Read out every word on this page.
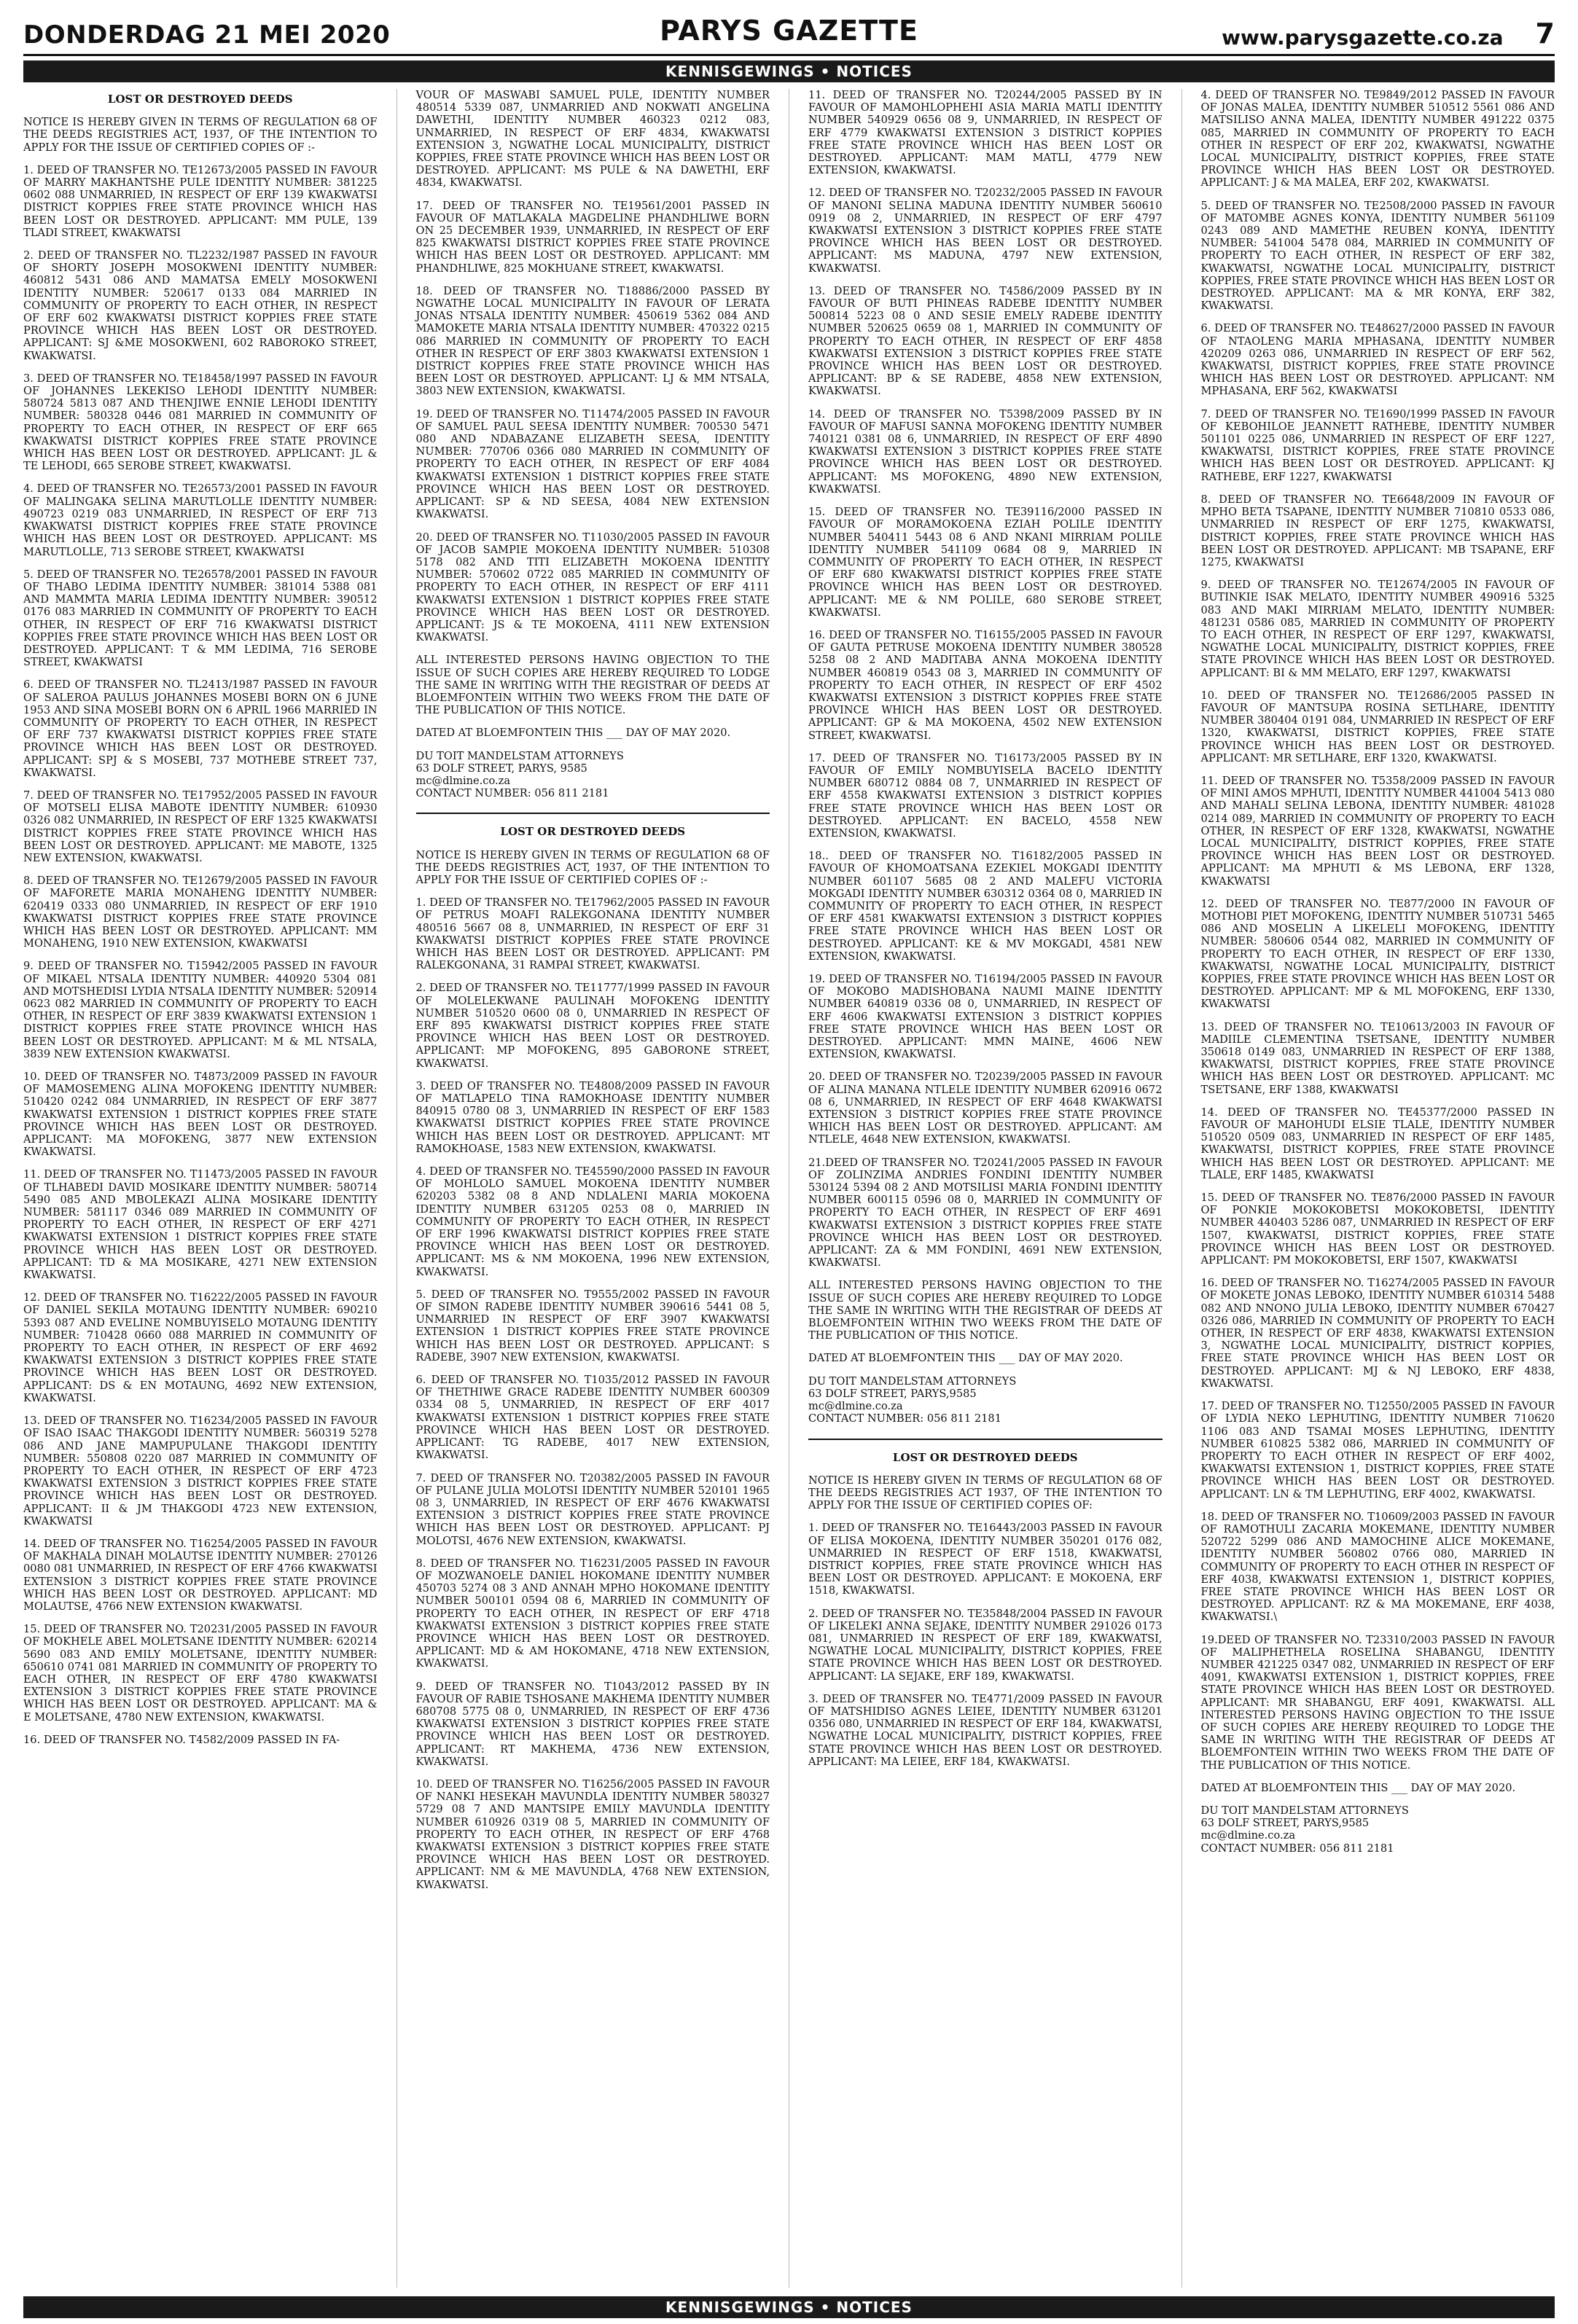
DONDERDAG 21 MEI 2020	PARYS GAZETTE	www.parysgazette.co.za 7
KENNISGEWINGS • NOTICES
LOST OR DESTROYED DEEDS

NOTICE IS HEREBY GIVEN IN TERMS OF REGULATION 68 OF THE DEEDS REGISTRIES ACT, 1937, OF THE INTENTION TO APPLY FOR THE ISSUE OF CERTIFIED COPIES OF :-

1. DEED OF TRANSFER NO. TE12673/2005 PASSED IN FAVOUR OF MARRY MAKHANTSHE PULE IDENTITY NUMBER: 381225 0602 088 UNMARRIED, IN RESPECT OF ERF 139 KWAKWATSI DISTRICT KOPPIES FREE STATE PROVINCE WHICH HAS BEEN LOST OR DESTROYED. APPLICANT: MM PULE, 139 TLADI STREET, KWAKWATSI

2. DEED OF TRANSFER NO. TL2232/1987 PASSED IN FAVOUR OF SHORTY JOSEPH MOSOKWENI IDENTITY NUMBER: 460812 5431 086 AND MAMATSA EMELY MOSOKWENI IDENTITY NUMBER: 520617 0133 084 MARRIED IN COMMUNITY OF PROPERTY TO EACH OTHER, IN RESPECT OF ERF 602 KWAKWATSI DISTRICT KOPPIES FREE STATE PROVINCE WHICH HAS BEEN LOST OR DESTROYED. APPLICANT: SJ &ME MOSOKWENI, 602 RABOROKO STREET, KWAKWATSI.

3. DEED OF TRANSFER NO. TE18458/1997 PASSED IN FAVOUR OF JOHANNES LEKEKISO LEHODI IDENTITY NUMBER: 580724 5813 087 AND THENJIWE ENNIE LEHODI IDENTITY NUMBER: 580328 0446 081 MARRIED IN COMMUNITY OF PROPERTY TO EACH OTHER, IN RESPECT OF ERF 665 KWAKWATSI DISTRICT KOPPIES FREE STATE PROVINCE WHICH HAS BEEN LOST OR DESTROYED. APPLICANT: JL & TE LEHODI, 665 SEROBE STREET, KWAKWATSI.

4. DEED OF TRANSFER NO. TE26573/2001 PASSED IN FAVOUR OF MALINGAKA SELINA MARUTLOLLE IDENTITY NUMBER: 490723 0219 083 UNMARRIED, IN RESPECT OF ERF 713 KWAKWATSI DISTRICT KOPPIES FREE STATE PROVINCE WHICH HAS BEEN LOST OR DESTROYED. APPLICANT: MS MARUTLOLLE, 713 SEROBE STREET, KWAKWATSI

5. DEED OF TRANSFER NO. TE26578/2001 PASSED IN FAVOUR OF THABO LEDIMA IDENTITY NUMBER: 381014 5388 081 AND MAMMTA MARIA LEDIMA IDENTITY NUMBER: 390512 0176 083 MARRIED IN COMMUNITY OF PROPERTY TO EACH OTHER, IN RESPECT OF ERF 716 KWAKWATSI DISTRICT KOPPIES FREE STATE PROVINCE WHICH HAS BEEN LOST OR DESTROYED. APPLICANT: T & MM LEDIMA, 716 SEROBE STREET, KWAKWATSI

6. DEED OF TRANSFER NO. TL2413/1987 PASSED IN FAVOUR OF SALEROA PAULUS JOHANNES MOSEBI BORN ON 6 JUNE 1953 AND SINA MOSEBI BORN ON 6 APRIL 1966 MARRIED IN COMMUNITY OF PROPERTY TO EACH OTHER, IN RESPECT OF ERF 737 KWAKWATSI DISTRICT KOPPIES FREE STATE PROVINCE WHICH HAS BEEN LOST OR DESTROYED. APPLICANT: SPJ & S MOSEBI, 737 MOTHEBE STREET 737, KWAKWATSI.

7. DEED OF TRANSFER NO. TE17952/2005 PASSED IN FAVOUR OF MOTSELI ELISA MABOTE IDENTITY NUMBER: 610930 0326 082 UNMARRIED, IN RESPECT OF ERF 1325 KWAKWATSI DISTRICT KOPPIES FREE STATE PROVINCE WHICH HAS BEEN LOST OR DESTROYED. APPLICANT: ME MABOTE, 1325 NEW EXTENSION, KWAKWATSI.

8. DEED OF TRANSFER NO. TE12679/2005 PASSED IN FAVOUR OF MAFORETE MARIA MONAHENG IDENTITY NUMBER: 620419 0333 080 UNMARRIED, IN RESPECT OF ERF 1910 KWAKWATSI DISTRICT KOPPIES FREE STATE PROVINCE WHICH HAS BEEN LOST OR DESTROYED. APPLICANT: MM MONAHENG, 1910 NEW EXTENSION, KWAKWATSI

9. DEED OF TRANSFER NO. T15942/2005 PASSED IN FAVOUR OF MIKAEL NTSALA IDENTITY NUMBER: 440920 5304 081 AND MOTSHEDISI LYDIA NTSALA IDENTITY NUMBER: 520914 0623 082 MARRIED IN COMMUNITY OF PROPERTY TO EACH OTHER, IN RESPECT OF ERF 3839 KWAKWATSI EXTENSION 1 DISTRICT KOPPIES FREE STATE PROVINCE WHICH HAS BEEN LOST OR DESTROYED. APPLICANT: M & ML NTSALA, 3839 NEW EXTENSION KWAKWATSI.

10. DEED OF TRANSFER NO. T4873/2009 PASSED IN FAVOUR OF MAMOSEMENG ALINA MOFOKENG IDENTITY NUMBER: 510420 0242 084 UNMARRIED, IN RESPECT OF ERF 3877 KWAKWATSI EXTENSION 1 DISTRICT KOPPIES FREE STATE PROVINCE WHICH HAS BEEN LOST OR DESTROYED. APPLICANT: MA MOFOKENG, 3877 NEW EXTENSION KWAKWATSI.

11. DEED OF TRANSFER NO. T11473/2005 PASSED IN FAVOUR OF TLHABEDI DAVID MOSIKARE IDENTITY NUMBER: 580714 5490 085 AND MBOLEKAZI ALINA MOSIKARE IDENTITY NUMBER: 581117 0346 089 MARRIED IN COMMUNITY OF PROPERTY TO EACH OTHER, IN RESPECT OF ERF 4271 KWAKWATSI EXTENSION 1 DISTRICT KOPPIES FREE STATE PROVINCE WHICH HAS BEEN LOST OR DESTROYED. APPLICANT: TD & MA MOSIKARE, 4271 NEW EXTENSION KWAKWATSI.

12. DEED OF TRANSFER NO. T16222/2005 PASSED IN FAVOUR OF DANIEL SEKILA MOTAUNG IDENTITY NUMBER: 690210 5393 087 AND EVELINE NOMBUYISELO MOTAUNG IDENTITY NUMBER: 710428 0660 088 MARRIED IN COMMUNITY OF PROPERTY TO EACH OTHER, IN RESPECT OF ERF 4692 KWAKWATSI EXTENSION 3 DISTRICT KOPPIES FREE STATE PROVINCE WHICH HAS BEEN LOST OR DESTROYED. APPLICANT: DS & EN MOTAUNG, 4692 NEW EXTENSION, KWAKWATSI.

13. DEED OF TRANSFER NO. T16234/2005 PASSED IN FAVOUR OF ISAO ISAAC THAKGODI IDENTITY NUMBER: 560319 5278 086 AND JANE MAMPUPULANE THAKGODI IDENTITY NUMBER: 550808 0220 087 MARRIED IN COMMUNITY OF PROPERTY TO EACH OTHER, IN RESPECT OF ERF 4723 KWAKWATSI EXTENSION 3 DISTRICT KOPPIES FREE STATE PROVINCE WHICH HAS BEEN LOST OR DESTROYED. APPLICANT: II & JM THAKGODI 4723 NEW EXTENSION, KWAKWATSI

14. DEED OF TRANSFER NO. T16254/2005 PASSED IN FAVOUR OF MAKHALA DINAH MOLAUTSE IDENTITY NUMBER: 270126 0080 081 UNMARRIED, IN RESPECT OF ERF 4766 KWAKWATSI EXTENSION 3 DISTRICT KOPPIES FREE STATE PROVINCE WHICH HAS BEEN LOST OR DESTROYED. APPLICANT: MD MOLAUTSE, 4766 NEW EXTENSION KWAKWATSI.

15. DEED OF TRANSFER NO. T20231/2005 PASSED IN FAVOUR OF MOKHELE ABEL MOLETSANE IDENTITY NUMBER: 620214 5690 083 AND EMILY MOLETSANE, IDENTITY NUMBER: 650610 0741 081 MARRIED IN COMMUNITY OF PROPERTY TO EACH OTHER, IN RESPECT OF ERF 4780 KWAKWATSI EXTENSION 3 DISTRICT KOPPIES FREE STATE PROVINCE WHICH HAS BEEN LOST OR DESTROYED. APPLICANT: MA & E MOLETSANE, 4780 NEW EXTENSION, KWAKWATSI.

16. DEED OF TRANSFER NO. T4582/2009 PASSED IN FA-

VOUR OF MASWABI SAMUEL PULE, IDENTITY NUMBER 480514 5339 087, UNMARRIED AND NOKWATI ANGELINA DAWETHI, IDENTITY NUMBER 460323 0212 083, UNMARRIED, IN RESPECT OF ERF 4834, KWAKWATSI EXTENSION 3, NGWATHE LOCAL MUNICIPALITY, DISTRICT KOPPIES, FREE STATE PROVINCE WHICH HAS BEEN LOST OR DESTROYED. APPLICANT: MS PULE & NA DAWETHI, ERF 4834, KWAKWATSI.

17. DEED OF TRANSFER NO. TE19561/2001 PASSED IN FAVOUR OF MATLAKALA MAGDELINE PHANDHLIWE BORN ON 25 DECEMBER 1939, UNMARRIED, IN RESPECT OF ERF 825 KWAKWATSI DISTRICT KOPPIES FREE STATE PROVINCE WHICH HAS BEEN LOST OR DESTROYED. APPLICANT: MM PHANDHLIWE, 825 MOKHUANE STREET, KWAKWATSI.

18. DEED OF TRANSFER NO. T18886/2000 PASSED BY NGWATHE LOCAL MUNICIPALITY IN FAVOUR OF LERATA JONAS NTSALA IDENTITY NUMBER: 450619 5362 084 AND MAMOKETE MARIA NTSALA IDENTITY NUMBER: 470322 0215 086 MARRIED IN COMMUNITY OF PROPERTY TO EACH OTHER IN RESPECT OF ERF 3803 KWAKWATSI EXTENSION 1 DISTRICT KOPPIES FREE STATE PROVINCE WHICH HAS BEEN LOST OR DESTROYED. APPLICANT: LJ & MM NTSALA, 3803 NEW EXTENSION, KWAKWATSI.

19. DEED OF TRANSFER NO. T11474/2005 PASSED IN FAVOUR OF SAMUEL PAUL SEESA IDENTITY NUMBER: 700530 5471 080 AND NDABAZANE ELIZABETH SEESA, IDENTITY NUMBER: 770706 0366 080 MARRIED IN COMMUNITY OF PROPERTY TO EACH OTHER, IN RESPECT OF ERF 4084 KWAKWATSI EXTENSION 1 DISTRICT KOPPIES FREE STATE PROVINCE WHICH HAS BEEN LOST OR DESTROYED. APPLICANT: SP & ND SEESA, 4084 NEW EXTENSION KWAKWATSI.

20. DEED OF TRANSFER NO. T11030/2005 PASSED IN FAVOUR OF JACOB SAMPIE MOKOENA IDENTITY NUMBER: 510308 5178 082 AND TITI ELIZABETH MOKOENA IDENTITY NUMBER: 570602 0722 085 MARRIED IN COMMUNITY OF PROPERTY TO EACH OTHER, IN RESPECT OF ERF 4111 KWAKWATSI EXTENSION 1 DISTRICT KOPPIES FREE STATE PROVINCE WHICH HAS BEEN LOST OR DESTROYED. APPLICANT: JS & TE MOKOENA, 4111 NEW EXTENSION KWAKWATSI.

ALL INTERESTED PERSONS HAVING OBJECTION TO THE ISSUE OF SUCH COPIES ARE HEREBY REQUIRED TO LODGE THE SAME IN WRITING WITH THE REGISTRAR OF DEEDS AT BLOEMFONTEIN WITHIN TWO WEEKS FROM THE DATE OF THE PUBLICATION OF THIS NOTICE.

DATED AT BLOEMFONTEIN THIS ___ DAY OF MAY 2020.

DU TOIT MANDELSTAM ATTORNEYS
63 DOLF STREET, PARYS, 9585
mc@dlmine.co.za
CONTACT NUMBER: 056 811 2181
LOST OR DESTROYED DEEDS

NOTICE IS HEREBY GIVEN IN TERMS OF REGULATION 68 OF THE DEEDS REGISTRIES ACT, 1937, OF THE INTENTION TO APPLY FOR THE ISSUE OF CERTIFIED COPIES OF :-

1. DEED OF TRANSFER NO. TE17962/2005 PASSED IN FAVOUR OF PETRUS MOAFI RALEKGONANA IDENTITY NUMBER 480516 5667 08 8, UNMARRIED, IN RESPECT OF ERF 31 KWAKWATSI DISTRICT KOPPIES FREE STATE PROVINCE WHICH HAS BEEN LOST OR DESTROYED. APPLICANT: PM RALEKGONANA, 31 RAMPAI STREET, KWAKWATSI.

2. DEED OF TRANSFER NO. TE11777/1999 PASSED IN FAVOUR OF MOLELEKWANE PAULINAH MOFOKENG IDENTITY NUMBER 510520 0600 08 0, UNMARRIED IN RESPECT OF ERF 895 KWAKWATSI DISTRICT KOPPIES FREE STATE PROVINCE WHICH HAS BEEN LOST OR DESTROYED. APPLICANT: MP MOFOKENG, 895 GABORONE STREET, KWAKWATSI.

3. DEED OF TRANSFER NO. TE4808/2009 PASSED IN FAVOUR OF MATLAPELO TINA RAMOKHOASE IDENTITY NUMBER 840915 0780 08 3, UNMARRIED IN RESPECT OF ERF 1583 KWAKWATSI DISTRICT KOPPIES FREE STATE PROVINCE WHICH HAS BEEN LOST OR DESTROYED. APPLICANT: MT RAMOKHOASE, 1583 NEW EXTENSION, KWAKWATSI.

4. DEED OF TRANSFER NO. TE45590/2000 PASSED IN FAVOUR OF MOHLOLO SAMUEL MOKOENA IDENTITY NUMBER 620203 5382 08 8 AND NDLALENI MARIA MOKOENA IDENTITY NUMBER 631205 0253 08 0, MARRIED IN COMMUNITY OF PROPERTY TO EACH OTHER, IN RESPECT OF ERF 1996 KWAKWATSI DISTRICT KOPPIES FREE STATE PROVINCE WHICH HAS BEEN LOST OR DESTROYED. APPLICANT: MS & NM MOKOENA, 1996 NEW EXTENSION, KWAKWATSI.

5. DEED OF TRANSFER NO. T9555/2002 PASSED IN FAVOUR OF SIMON RADEBE IDENTITY NUMBER 390616 5441 08 5, UNMARRIED IN RESPECT OF ERF 3907 KWAKWATSI EXTENSION 1 DISTRICT KOPPIES FREE STATE PROVINCE WHICH HAS BEEN LOST OR DESTROYED. APPLICANT: S RADEBE, 3907 NEW EXTENSION, KWAKWATSI.

6. DEED OF TRANSFER NO. T1035/2012 PASSED IN FAVOUR OF THETHIWE GRACE RADEBE IDENTITY NUMBER 600309 0334 08 5, UNMARRIED, IN RESPECT OF ERF 4017 KWAKWATSI EXTENSION 1 DISTRICT KOPPIES FREE STATE PROVINCE WHICH HAS BEEN LOST OR DESTROYED. APPLICANT: TG RADEBE, 4017 NEW EXTENSION, KWAKWATSI.

7. DEED OF TRANSFER NO. T20382/2005 PASSED IN FAVOUR OF PULANE JULIA MOLOTSI IDENTITY NUMBER 520101 1965 08 3, UNMARRIED, IN RESPECT OF ERF 4676 KWAKWATSI EXTENSION 3 DISTRICT KOPPIES FREE STATE PROVINCE WHICH HAS BEEN LOST OR DESTROYED. APPLICANT: PJ MOLOTSI, 4676 NEW EXTENSION, KWAKWATSI.

8. DEED OF TRANSFER NO. T16231/2005 PASSED IN FAVOUR OF MOZWANOELE DANIEL HOKOMANE IDENTITY NUMBER 450703 5274 08 3 AND ANNAH MPHO HOKOMANE IDENTITY NUMBER 500101 0594 08 6, MARRIED IN COMMUNITY OF PROPERTY TO EACH OTHER, IN RESPECT OF ERF 4718 KWAKWATSI EXTENSION 3 DISTRICT KOPPIES FREE STATE PROVINCE WHICH HAS BEEN LOST OR DESTROYED. APPLICANT: MD & AM HOKOMANE, 4718 NEW EXTENSION, KWAKWATSI.

9. DEED OF TRANSFER NO. T1043/2012 PASSED BY IN FAVOUR OF RABIE TSHOSANE MAKHEMA IDENTITY NUMBER 680708 5775 08 0, UNMARRIED, IN RESPECT OF ERF 4736 KWAKWATSI EXTENSION 3 DISTRICT KOPPIES FREE STATE PROVINCE WHICH HAS BEEN LOST OR DESTROYED. APPLICANT: RT MAKHEMA, 4736 NEW EXTENSION, KWAKWATSI.

10. DEED OF TRANSFER NO. T16256/2005 PASSED IN FAVOUR OF NANKI HESEKAH MAVUNDLA IDENTITY NUMBER 580327 5729 08 7 AND MANTSIPE EMILY MAVUNDLA IDENTITY NUMBER 610926 0319 08 5, MARRIED IN COMMUNITY OF PROPERTY TO EACH OTHER, IN RESPECT OF ERF 4768 KWAKWATSI EXTENSION 3 DISTRICT KOPPIES FREE STATE PROVINCE WHICH HAS BEEN LOST OR DESTROYED. APPLICANT: NM & ME MAVUNDLA, 4768 NEW EXTENSION, KWAKWATSI.

11. DEED OF TRANSFER NO. T20244/2005 PASSED BY IN FAVOUR OF MAMOHLOPHEHI ASIA MARIA MATLI IDENTITY NUMBER 540929 0656 08 9, UNMARRIED, IN RESPECT OF ERF 4779 KWAKWATSI EXTENSION 3 DISTRICT KOPPIES FREE STATE PROVINCE WHICH HAS BEEN LOST OR DESTROYED. APPLICANT: MAM MATLI, 4779 NEW EXTENSION, KWAKWATSI.

12. DEED OF TRANSFER NO. T20232/2005 PASSED IN FAVOUR OF MANONI SELINA MADUNA IDENTITY NUMBER 560610 0919 08 2, UNMARRIED, IN RESPECT OF ERF 4797 KWAKWATSI EXTENSION 3 DISTRICT KOPPIES FREE STATE PROVINCE WHICH HAS BEEN LOST OR DESTROYED. APPLICANT: MS MADUNA, 4797 NEW EXTENSION, KWAKWATSI.

13. DEED OF TRANSFER NO. T4586/2009 PASSED BY IN FAVOUR OF BUTI PHINEAS RADEBE IDENTITY NUMBER 500814 5223 08 0 AND SESIE EMELY RADEBE IDENTITY NUMBER 520625 0659 08 1, MARRIED IN COMMUNITY OF PROPERTY TO EACH OTHER, IN RESPECT OF ERF 4858 KWAKWATSI EXTENSION 3 DISTRICT KOPPIES FREE STATE PROVINCE WHICH HAS BEEN LOST OR DESTROYED. APPLICANT: BP & SE RADEBE, 4858 NEW EXTENSION, KWAKWATSI.

14. DEED OF TRANSFER NO. T5398/2009 PASSED BY IN FAVOUR OF MAFUSI SANNA MOFOKENG IDENTITY NUMBER 740121 0381 08 6, UNMARRIED, IN RESPECT OF ERF 4890 KWAKWATSI EXTENSION 3 DISTRICT KOPPIES FREE STATE PROVINCE WHICH HAS BEEN LOST OR DESTROYED. APPLICANT: MS MOFOKENG, 4890 NEW EXTENSION, KWAKWATSI.

15. DEED OF TRANSFER NO. TE39116/2000 PASSED IN FAVOUR OF MORAMOKOENA EZIAH POLILE IDENTITY NUMBER 540411 5443 08 6 AND NKANI MIRRIAM POLILE IDENTITY NUMBER 541109 0684 08 9, MARRIED IN COMMUNITY OF PROPERTY TO EACH OTHER, IN RESPECT OF ERF 680 KWAKWATSI DISTRICT KOPPIES FREE STATE PROVINCE WHICH HAS BEEN LOST OR DESTROYED. APPLICANT: ME & NM POLILE, 680 SEROBE STREET, KWAKWATSI.

16. DEED OF TRANSFER NO. T16155/2005 PASSED IN FAVOUR OF GAUTA PETRUSE MOKOENA IDENTITY NUMBER 380528 5258 08 2 AND MADITABA ANNA MOKOENA IDENTITY NUMBER 460819 0543 08 3, MARRIED IN COMMUNITY OF PROPERTY TO EACH OTHER, IN RESPECT OF ERF 4502 KWAKWATSI EXTENSION 3 DISTRICT KOPPIES FREE STATE PROVINCE WHICH HAS BEEN LOST OR DESTROYED. APPLICANT: GP & MA MOKOENA, 4502 NEW EXTENSION STREET, KWAKWATSI.

17. DEED OF TRANSFER NO. T16173/2005 PASSED BY IN FAVOUR OF EMILY NOMBUYISELA BACELO IDENTITY NUMBER 680712 0884 08 7, UNMARRIED IN RESPECT OF ERF 4558 KWAKWATSI EXTENSION 3 DISTRICT KOPPIES FREE STATE PROVINCE WHICH HAS BEEN LOST OR DESTROYED. APPLICANT: EN BACELO, 4558 NEW EXTENSION, KWAKWATSI.

18.. DEED OF TRANSFER NO. T16182/2005 PASSED IN FAVOUR OF KHOMOATSANA EZEKIEL MOKGADI IDENTITY NUMBER 601107 5685 08 2 AND MALEFU VICTORIA MOKGADI IDENTITY NUMBER 630312 0364 08 0, MARRIED IN COMMUNITY OF PROPERTY TO EACH OTHER, IN RESPECT OF ERF 4581 KWAKWATSI EXTENSION 3 DISTRICT KOPPIES FREE STATE PROVINCE WHICH HAS BEEN LOST OR DESTROYED. APPLICANT: KE & MV MOKGADI, 4581 NEW EXTENSION, KWAKWATSI.

19. DEED OF TRANSFER NO. T16194/2005 PASSED IN FAVOUR OF MOKOBO MADISHOBANA NAUMI MAINE IDENTITY NUMBER 640819 0336 08 0, UNMARRIED, IN RESPECT OF ERF 4606 KWAKWATSI EXTENSION 3 DISTRICT KOPPIES FREE STATE PROVINCE WHICH HAS BEEN LOST OR DESTROYED. APPLICANT: MMN MAINE, 4606 NEW EXTENSION, KWAKWATSI.

20. DEED OF TRANSFER NO. T20239/2005 PASSED IN FAVOUR OF ALINA MANANA NTLELE IDENTITY NUMBER 620916 0672 08 6, UNMARRIED, IN RESPECT OF ERF 4648 KWAKWATSI EXTENSION 3 DISTRICT KOPPIES FREE STATE PROVINCE WHICH HAS BEEN LOST OR DESTROYED. APPLICANT: AM NTLELE, 4648 NEW EXTENSION, KWAKWATSI.

21.DEED OF TRANSFER NO. T20241/2005 PASSED IN FAVOUR OF ZOLINZIMA ANDRIES FONDINI IDENTITY NUMBER 530124 5394 08 2 AND MOTSILISI MARIA FONDINI IDENTITY NUMBER 600115 0596 08 0, MARRIED IN COMMUNITY OF PROPERTY TO EACH OTHER, IN RESPECT OF ERF 4691 KWAKWATSI EXTENSION 3 DISTRICT KOPPIES FREE STATE PROVINCE WHICH HAS BEEN LOST OR DESTROYED. APPLICANT: ZA & MM FONDINI, 4691 NEW EXTENSION, KWAKWATSI.

ALL INTERESTED PERSONS HAVING OBJECTION TO THE ISSUE OF SUCH COPIES ARE HEREBY REQUIRED TO LODGE THE SAME IN WRITING WITH THE REGISTRAR OF DEEDS AT BLOEMFONTEIN WITHIN TWO WEEKS FROM THE DATE OF THE PUBLICATION OF THIS NOTICE.

DATED AT BLOEMFONTEIN THIS ___ DAY OF MAY 2020.

DU TOIT MANDELSTAM ATTORNEYS
63 DOLF STREET, PARYS,9585
mc@dlmine.co.za
CONTACT NUMBER: 056 811 2181
LOST OR DESTROYED DEEDS

NOTICE IS HEREBY GIVEN IN TERMS OF REGULATION 68 OF THE DEEDS REGISTRIES ACT 1937, OF THE INTENTION TO APPLY FOR THE ISSUE OF CERTIFIED COPIES OF:

1. DEED OF TRANSFER NO. TE16443/2003 PASSED IN FAVOUR OF ELISA MOKOENA, IDENTITY NUMBER 350201 0176 082, UNMARRIED IN RESPECT OF ERF 1518, KWAKWATSI, DISTRICT KOPPIES, FREE STATE PROVINCE WHICH HAS BEEN LOST OR DESTROYED. APPLICANT: E MOKOENA, ERF 1518, KWAKWATSI.

2. DEED OF TRANSFER NO. TE35848/2004 PASSED IN FAVOUR OF LIKELEKI ANNA SEJAKE, IDENTITY NUMBER 291026 0173 081, UNMARRIED IN RESPECT OF ERF 189, KWAKWATSI, NGWATHE LOCAL MUNICIPALITY, DISTRICT KOPPIES, FREE STATE PROVINCE WHICH HAS BEEN LOST OR DESTROYED. APPLICANT: LA SEJAKE, ERF 189, KWAKWATSI.

3. DEED OF TRANSFER NO. TE4771/2009 PASSED IN FAVOUR OF MATSHIDISO AGNES LEIEE, IDENTITY NUMBER 631201 0356 080, UNMARRIED IN RESPECT OF ERF 184, KWAKWATSI, NGWATHE LOCAL MUNICIPALITY, DISTRICT KOPPIES, FREE STATE PROVINCE WHICH HAS BEEN LOST OR DESTROYED. APPLICANT: MA LEIEE, ERF 184, KWAKWATSI.

4. DEED OF TRANSFER NO. TE9849/2012 PASSED IN FAVOUR OF JONAS MALEA, IDENTITY NUMBER 510512 5561 086 AND MATSILISO ANNA MALEA, IDENTITY NUMBER 491222 0375 085, MARRIED IN COMMUNITY OF PROPERTY TO EACH OTHER IN RESPECT OF ERF 202, KWAKWATSI, NGWATHE LOCAL MUNICIPALITY, DISTRICT KOPPIES, FREE STATE PROVINCE WHICH HAS BEEN LOST OR DESTROYED. APPLICANT: J & MA MALEA, ERF 202, KWAKWATSI.

5. DEED OF TRANSFER NO. TE2508/2000 PASSED IN FAVOUR OF MATOMBE AGNES KONYA, IDENTITY NUMBER 561109 0243 089 AND MAMETHE REUBEN KONYA, IDENTITY NUMBER: 541004 5478 084, MARRIED IN COMMUNITY OF PROPERTY TO EACH OTHER, IN RESPECT OF ERF 382, KWAKWATSI, NGWATHE LOCAL MUNICIPALITY, DISTRICT KOPPIES, FREE STATE PROVINCE WHICH HAS BEEN LOST OR DESTROYED. APPLICANT: MA & MR KONYA, ERF 382, KWAKWATSI.

6. DEED OF TRANSFER NO. TE48627/2000 PASSED IN FAVOUR OF NTAOLENG MARIA MPHASANA, IDENTITY NUMBER 420209 0263 086, UNMARRIED IN RESPECT OF ERF 562, KWAKWATSI, DISTRICT KOPPIES, FREE STATE PROVINCE WHICH HAS BEEN LOST OR DESTROYED. APPLICANT: NM MPHASANA, ERF 562, KWAKWATSI

7. DEED OF TRANSFER NO. TE1690/1999 PASSED IN FAVOUR OF KEBOHILOE JEANNETT RATHEBE, IDENTITY NUMBER 501101 0225 086, UNMARRIED IN RESPECT OF ERF 1227, KWAKWATSI, DISTRICT KOPPIES, FREE STATE PROVINCE WHICH HAS BEEN LOST OR DESTROYED. APPLICANT: KJ RATHEBE, ERF 1227, KWAKWATSI

8. DEED OF TRANSFER NO. TE6648/2009 IN FAVOUR OF MPHO BETA TSAPANE, IDENTITY NUMBER 710810 0533 086, UNMARRIED IN RESPECT OF ERF 1275, KWAKWATSI, DISTRICT KOPPIES, FREE STATE PROVINCE WHICH HAS BEEN LOST OR DESTROYED. APPLICANT: MB TSAPANE, ERF 1275, KWAKWATSI

9. DEED OF TRANSFER NO. TE12674/2005 IN FAVOUR OF BUTINKIE ISAK MELATO, IDENTITY NUMBER 490916 5325 083 AND MAKI MIRRIAM MELATO, IDENTITY NUMBER: 481231 0586 085, MARRIED IN COMMUNITY OF PROPERTY TO EACH OTHER, IN RESPECT OF ERF 1297, KWAKWATSI, NGWATHE LOCAL MUNICIPALITY, DISTRICT KOPPIES, FREE STATE PROVINCE WHICH HAS BEEN LOST OR DESTROYED. APPLICANT: BI & MM MELATO, ERF 1297, KWAKWATSI

10. DEED OF TRANSFER NO. TE12686/2005 PASSED IN FAVOUR OF MANTSUPA ROSINA SETLHARE, IDENTITY NUMBER 380404 0191 084, UNMARRIED IN RESPECT OF ERF 1320, KWAKWATSI, DISTRICT KOPPIES, FREE STATE PROVINCE WHICH HAS BEEN LOST OR DESTROYED. APPLICANT: MR SETLHARE, ERF 1320, KWAKWATSI.

11. DEED OF TRANSFER NO. T5358/2009 PASSED IN FAVOUR OF MINI AMOS MPHUTI, IDENTITY NUMBER 441004 5413 080 AND MAHALI SELINA LEBONA, IDENTITY NUMBER: 481028 0214 089, MARRIED IN COMMUNITY OF PROPERTY TO EACH OTHER, IN RESPECT OF ERF 1328, KWAKWATSI, NGWATHE LOCAL MUNICIPALITY, DISTRICT KOPPIES, FREE STATE PROVINCE WHICH HAS BEEN LOST OR DESTROYED. APPLICANT: MA MPHUTI & MS LEBONA, ERF 1328, KWAKWATSI

12. DEED OF TRANSFER NO. TE877/2000 IN FAVOUR OF MOTHOBI PIET MOFOKENG, IDENTITY NUMBER 510731 5465 086 AND MOSELIN A LIKELELI MOFOKENG, IDENTITY NUMBER: 580606 0544 082, MARRIED IN COMMUNITY OF PROPERTY TO EACH OTHER, IN RESPECT OF ERF 1330, KWAKWATSI, NGWATHE LOCAL MUNICIPALITY, DISTRICT KOPPIES, FREE STATE PROVINCE WHICH HAS BEEN LOST OR DESTROYED. APPLICANT: MP & ML MOFOKENG, ERF 1330, KWAKWATSI

13. DEED OF TRANSFER NO. TE10613/2003 IN FAVOUR OF MADIILE CLEMENTINA TSETSANE, IDENTITY NUMBER 350618 0149 083, UNMARRIED IN RESPECT OF ERF 1388, KWAKWATSI, DISTRICT KOPPIES, FREE STATE PROVINCE WHICH HAS BEEN LOST OR DESTROYED. APPLICANT: MC TSETSANE, ERF 1388, KWAKWATSI

14. DEED OF TRANSFER NO. TE45377/2000 PASSED IN FAVOUR OF MAHOHUDI ELSIE TLALE, IDENTITY NUMBER 510520 0509 083, UNMARRIED IN RESPECT OF ERF 1485, KWAKWATSI, DISTRICT KOPPIES, FREE STATE PROVINCE WHICH HAS BEEN LOST OR DESTROYED. APPLICANT: ME TLALE, ERF 1485, KWAKWATSI

15. DEED OF TRANSFER NO. TE876/2000 PASSED IN FAVOUR OF PONKIE MOKOKOBETSI MOKOKOBETSI, IDENTITY NUMBER 440403 5286 087, UNMARRIED IN RESPECT OF ERF 1507, KWAKWATSI, DISTRICT KOPPIES, FREE STATE PROVINCE WHICH HAS BEEN LOST OR DESTROYED. APPLICANT: PM MOKOKOBETSI, ERF 1507, KWAKWATSI

16. DEED OF TRANSFER NO. T16274/2005 PASSED IN FAVOUR OF MOKETE JONAS LEBOKO, IDENTITY NUMBER 610314 5488 082 AND NNONO JULIA LEBOKO, IDENTITY NUMBER 670427 0326 086, MARRIED IN COMMUNITY OF PROPERTY TO EACH OTHER, IN RESPECT OF ERF 4838, KWAKWATSI EXTENSION 3, NGWATHE LOCAL MUNICIPALITY, DISTRICT KOPPIES, FREE STATE PROVINCE WHICH HAS BEEN LOST OR DESTROYED. APPLICANT: MJ & NJ LEBOKO, ERF 4838, KWAKWATSI.

17. DEED OF TRANSFER NO. T12550/2005 PASSED IN FAVOUR OF LYDIA NEKO LEPHUTING, IDENTITY NUMBER 710620 1106 083 AND TSAMAI MOSES LEPHUTING, IDENTITY NUMBER 610825 5382 086, MARRIED IN COMMUNITY OF PROPERTY TO EACH OTHER IN RESPECT OF ERF 4002, KWAKWATSI EXTENSION 1, DISTRICT KOPPIES, FREE STATE PROVINCE WHICH HAS BEEN LOST OR DESTROYED. APPLICANT: LN & TM LEPHUTING, ERF 4002, KWAKWATSI.

18. DEED OF TRANSFER NO. T10609/2003 PASSED IN FAVOUR OF RAMOTHULI ZACARIA MOKEMANE, IDENTITY NUMBER 520722 5299 086 AND MAMOCHINE ALICE MOKEMANE, IDENTITY NUMBER 560802 0766 080, MARRIED IN COMMUNITY OF PROPERTY TO EACH OTHER IN RESPECT OF ERF 4038, KWAKWATSI EXTENSION 1, DISTRICT KOPPIES, FREE STATE PROVINCE WHICH HAS BEEN LOST OR DESTROYED. APPLICANT: RZ & MA MOKEMANE, ERF 4038, KWAKWATSI.\

19.DEED OF TRANSFER NO. T23310/2003 PASSED IN FAVOUR OF MALIPHETHELA ROSELINA SHABANGU, IDENTITY NUMBER 421225 0347 082, UNMARRIED IN RESPECT OF ERF 4091, KWAKWATSI EXTENSION 1, DISTRICT KOPPIES, FREE STATE PROVINCE WHICH HAS BEEN LOST OR DESTROYED. APPLICANT: MR SHABANGU, ERF 4091, KWAKWATSI. ALL INTERESTED PERSONS HAVING OBJECTION TO THE ISSUE OF SUCH COPIES ARE HEREBY REQUIRED TO LODGE THE SAME IN WRITING WITH THE REGISTRAR OF DEEDS AT BLOEMFONTEIN WITHIN TWO WEEKS FROM THE DATE OF THE PUBLICATION OF THIS NOTICE.

DATED AT BLOEMFONTEIN THIS ___ DAY OF MAY 2020.

DU TOIT MANDELSTAM ATTORNEYS
63 DOLF STREET, PARYS,9585
mc@dlmine.co.za
CONTACT NUMBER: 056 811 2181
KENNISGEWINGS • NOTICES
